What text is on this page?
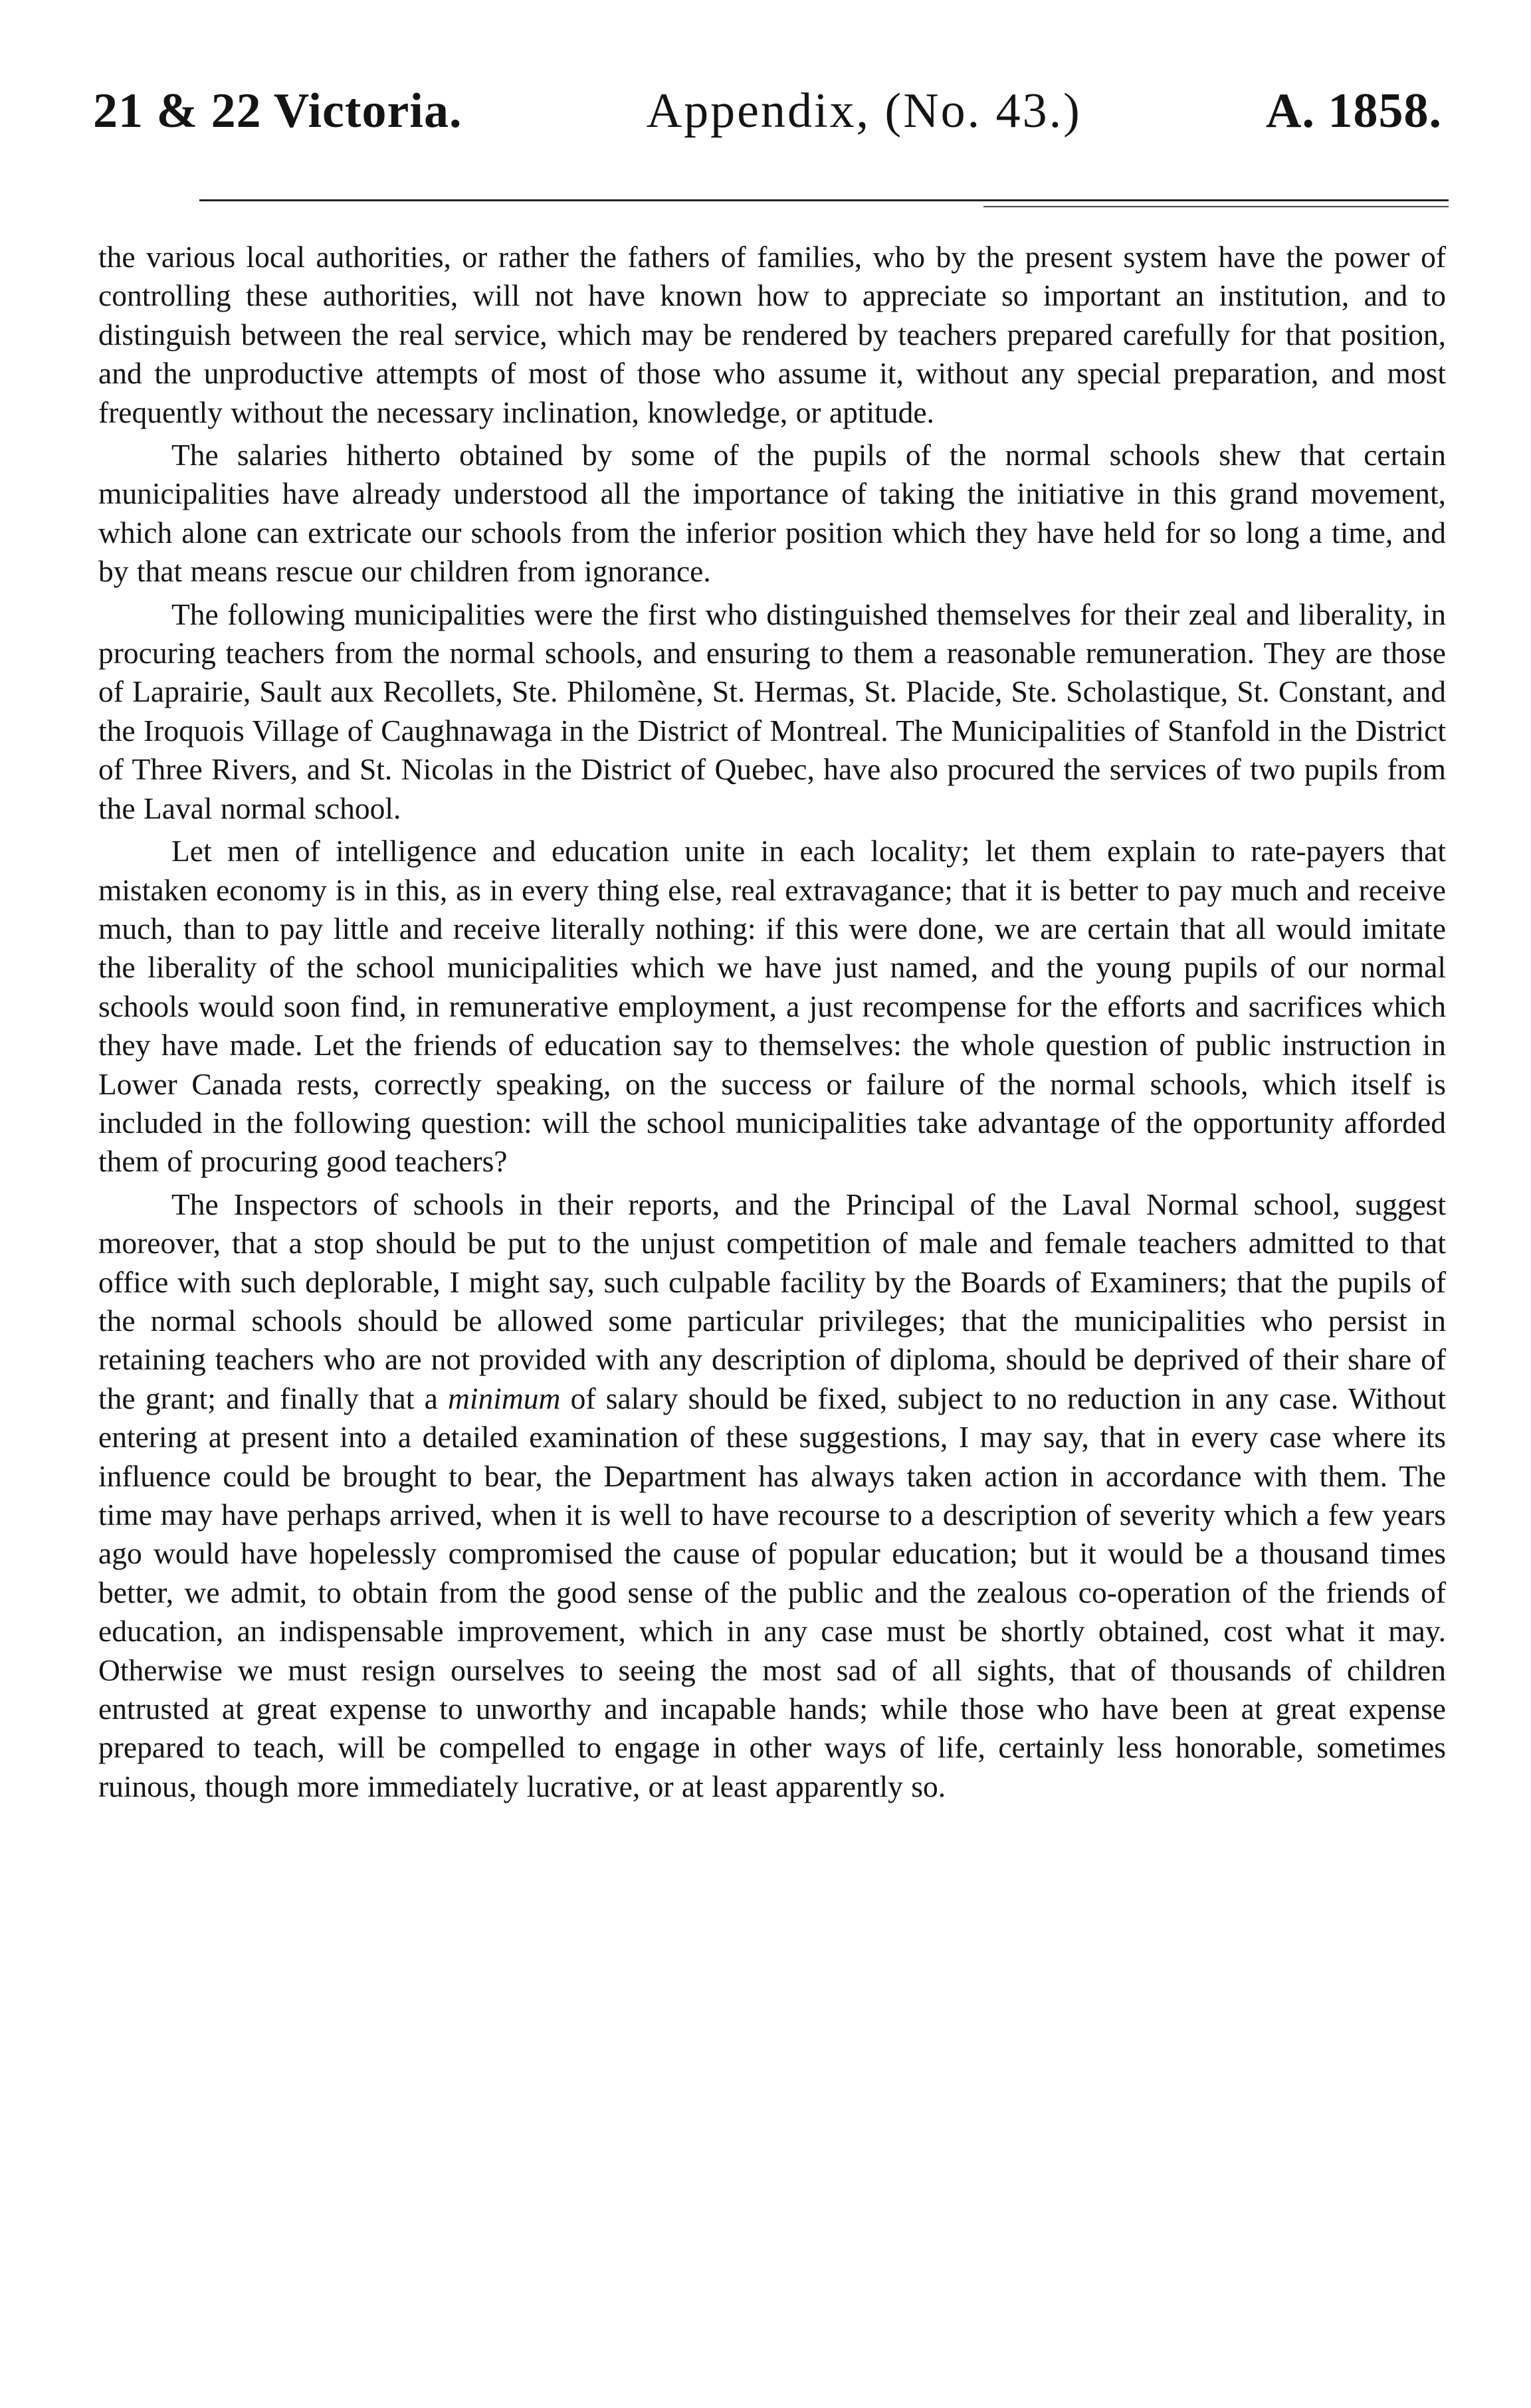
21 & 22 Victoria.	Appendix, (No. 43.)	A. 1858.

the various local authorities, or rather the fathers of families, who by the present system have the power of controlling these authorities, will not have known how to appreciate so important an institution, and to distinguish between the real service, which may be rendered by teachers prepared carefully for that position, and the unproductive attempts of most of those who assume it, without any special preparation, and most frequently without the necessary inclination, knowledge, or aptitude.

The salaries hitherto obtained by some of the pupils of the normal schools shew that certain municipalities have already understood all the importance of taking the initiative in this grand movement, which alone can extricate our schools from the inferior position which they have held for so long a time, and by that means rescue our children from ignorance.

The following municipalities were the first who distinguished themselves for their zeal and liberality, in procuring teachers from the normal schools, and ensuring to them a reasonable remuneration. They are those of Laprairie, Sault aux Recollets, Ste. Philomène, St. Hermas, St. Placide, Ste. Scholastique, St. Constant, and the Iroquois Village of Caughnawaga in the District of Montreal. The Municipalities of Stanfold in the District of Three Rivers, and St. Nicolas in the District of Quebec, have also procured the services of two pupils from the Laval normal school.

Let men of intelligence and education unite in each locality; let them explain to rate-payers that mistaken economy is in this, as in every thing else, real extravagance; that it is better to pay much and receive much, than to pay little and receive literally nothing: if this were done, we are certain that all would imitate the liberality of the school municipalities which we have just named, and the young pupils of our normal schools would soon find, in remunerative employment, a just recompense for the efforts and sacrifices which they have made. Let the friends of education say to themselves: the whole question of public instruction in Lower Canada rests, correctly speaking, on the success or failure of the normal schools, which itself is included in the following question: will the school municipalities take advantage of the opportunity afforded them of procuring good teachers?

The Inspectors of schools in their reports, and the Principal of the Laval Normal school, suggest moreover, that a stop should be put to the unjust competition of male and female teachers admitted to that office with such deplorable, I might say, such culpable facility by the Boards of Examiners; that the pupils of the normal schools should be allowed some particular privileges; that the municipalities who persist in retaining teachers who are not provided with any description of diploma, should be deprived of their share of the grant; and finally that a minimum of salary should be fixed, subject to no reduction in any case. Without entering at present into a detailed examination of these suggestions, I may say, that in every case where its influence could be brought to bear, the Department has always taken action in accordance with them. The time may have perhaps arrived, when it is well to have recourse to a description of severity which a few years ago would have hopelessly compromised the cause of popular education; but it would be a thousand times better, we admit, to obtain from the good sense of the public and the zealous co-operation of the friends of education, an indispensable improvement, which in any case must be shortly obtained, cost what it may. Otherwise we must resign ourselves to seeing the most sad of all sights, that of thousands of children entrusted at great expense to unworthy and incapable hands; while those who have been at great expense prepared to teach, will be compelled to engage in other ways of life, certainly less honorable, sometimes ruinous, though more immediately lucrative, or at least apparently so.
